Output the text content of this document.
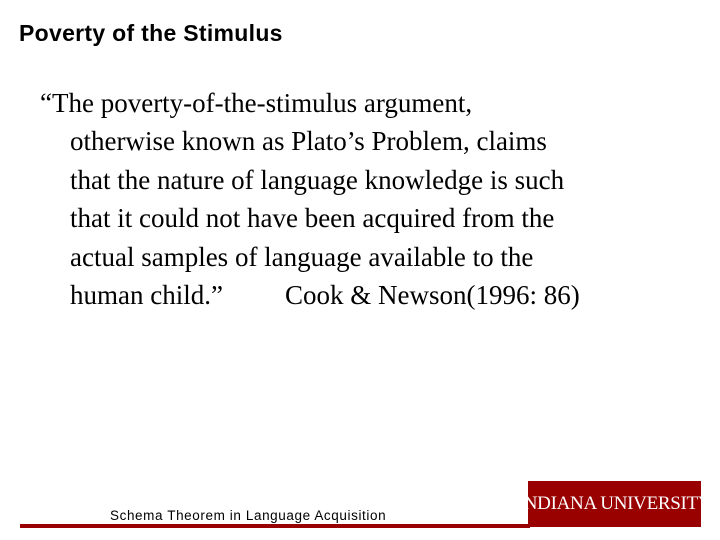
Poverty of the Stimulus
“The poverty-of-the-stimulus argument,
otherwise known as Plato’s Problem, claims
that the nature of language knowledge is such
that it could not have been acquired from the
actual samples of language available to the
human child.” Cook & Newson(1996: 86)
Schema Theorem in Language Acquisition
INDIANA UNIVERSITY
